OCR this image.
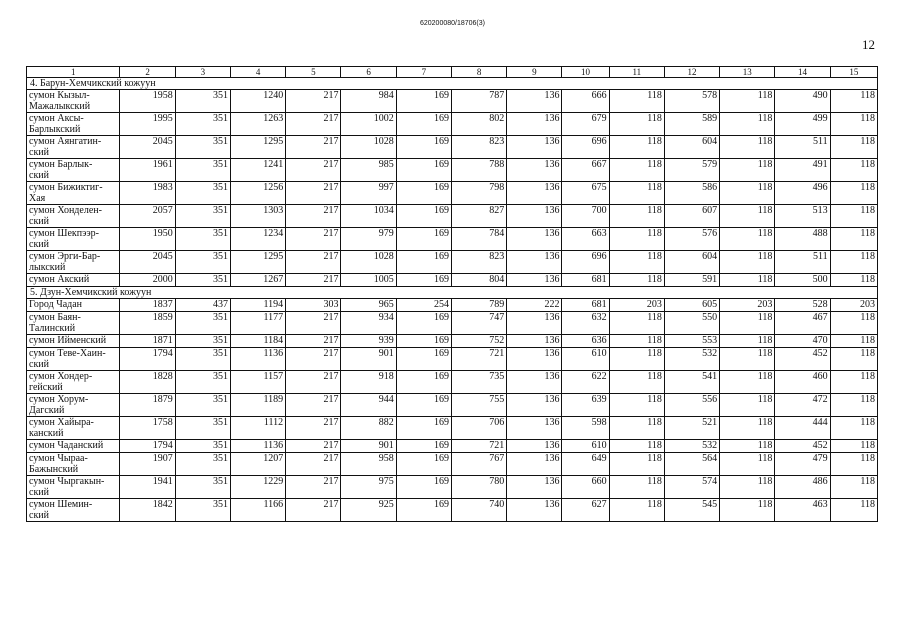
620200080/18706(3)
12
1	2	3	4	5	6	7	8	9	10	11	12	13	14	15
4. Барун-Хемчикский кожуун														
сумон Кызыл-
Мажалыкский	1958	351	1240	217	984	169	787	136	666	118	578	118	490	118
сумон Аксы-
Барлыкский	1995	351	1263	217	1002	169	802	136	679	118	589	118	499	118
сумон Аянгатин-
ский	2045	351	1295	217	1028	169	823	136	696	118	604	118	511	118
сумон Барлык-
ский	1961	351	1241	217	985	169	788	136	667	118	579	118	491	118
сумон Бижиктиг-
Хая	1983	351	1256	217	997	169	798	136	675	118	586	118	496	118
сумон Хонделен-
ский	2057	351	1303	217	1034	169	827	136	700	118	607	118	513	118
сумон Шекпээр-
ский	1950	351	1234	217	979	169	784	136	663	118	576	118	488	118
сумон Эрги-Бар-
лыкский	2045	351	1295	217	1028	169	823	136	696	118	604	118	511	118
сумон Акский	2000	351	1267	217	1005	169	804	136	681	118	591	118	500	118
5. Дзун-Хемчикский кожуун														
Город Чадан	1837	437	1194	303	965	254	789	222	681	203	605	203	528	203
сумон Баян-
Талинский	1859	351	1177	217	934	169	747	136	632	118	550	118	467	118
сумон Ийменский	1871	351	1184	217	939	169	752	136	636	118	553	118	470	118
сумон Теве-Хаин-
ский	1794	351	1136	217	901	169	721	136	610	118	532	118	452	118
сумон Хондер-
гейский	1828	351	1157	217	918	169	735	136	622	118	541	118	460	118
сумон Хорум-
Дагский	1879	351	1189	217	944	169	755	136	639	118	556	118	472	118
сумон Хайыра-
канский	1758	351	1112	217	882	169	706	136	598	118	521	118	444	118
сумон Чаданский	1794	351	1136	217	901	169	721	136	610	118	532	118	452	118
сумон Чыраа-
Бажынский	1907	351	1207	217	958	169	767	136	649	118	564	118	479	118
сумон Чыргакын-
ский	1941	351	1229	217	975	169	780	136	660	118	574	118	486	118
сумон Шемин-
ский	1842	351	1166	217	925	169	740	136	627	118	545	118	463	118
